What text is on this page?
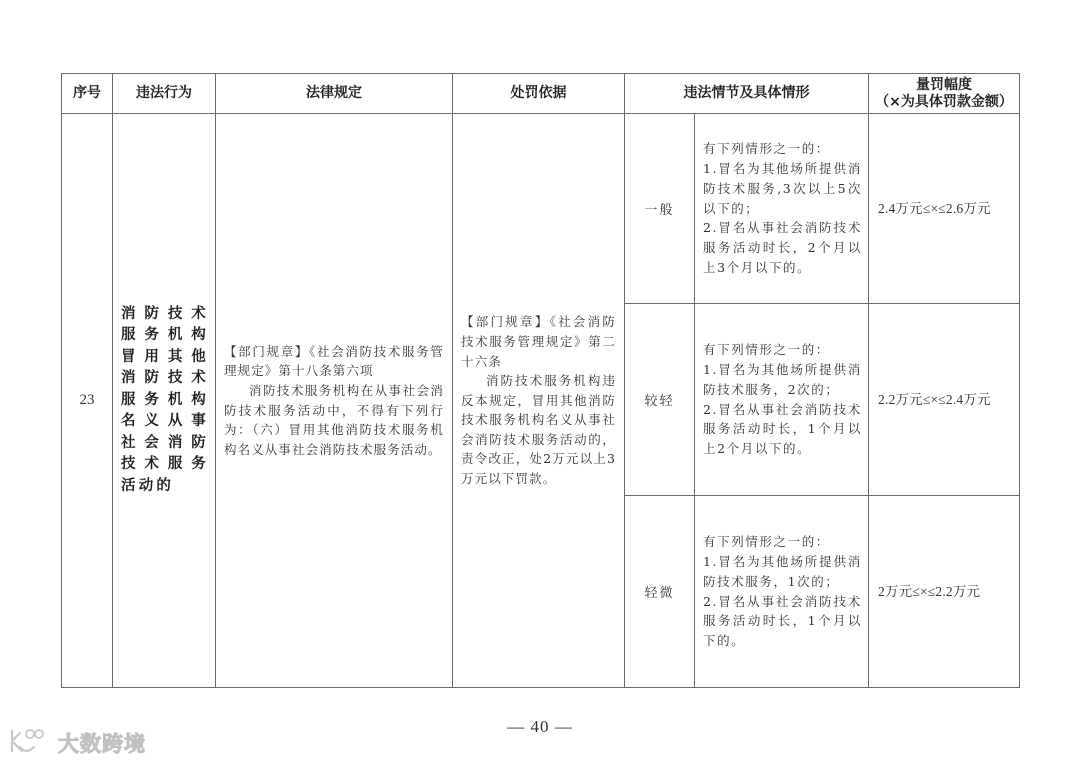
序号	违法行为	法律规定	处罚依据	违法情节及具体情形		量罚幅度
（×为具体罚款金额）

23	消防技术服务机构冒用其他消防技术服务机构名义从事社会消防技术服务活动的	【部门规章】《社会消防技术服务管理规定》第十八条第六项
消防技术服务机构在从事社会消防技术服务活动中，不得有下列行为：（六）冒用其他消防技术服务机构名义从事社会消防技术服务活动。	【部门规章】《社会消防技术服务管理规定》第二十六条
消防技术服务机构违反本规定，冒用其他消防技术服务机构名义从事社会消防技术服务活动的，责令改正，处2万元以上3万元以下罚款。	一般	有下列情形之一的：
1.冒名为其他场所提供消防技术服务,3次以上5次以下的；
2.冒名从事社会消防技术服务活动时长，2个月以上3个月以下的。	2.4万元≤×≤2.6万元
				较轻	有下列情形之一的：
1.冒名为其他场所提供消防技术服务，2次的；
2.冒名从事社会消防技术服务活动时长，1个月以上2个月以下的。	2.2万元≤×≤2.4万元
				轻微	有下列情形之一的：
1.冒名为其他场所提供消防技术服务，1次的；
2.冒名从事社会消防技术服务活动时长，1个月以下的。	2万元≤×≤2.2万元
— 40 —
大数跨境
